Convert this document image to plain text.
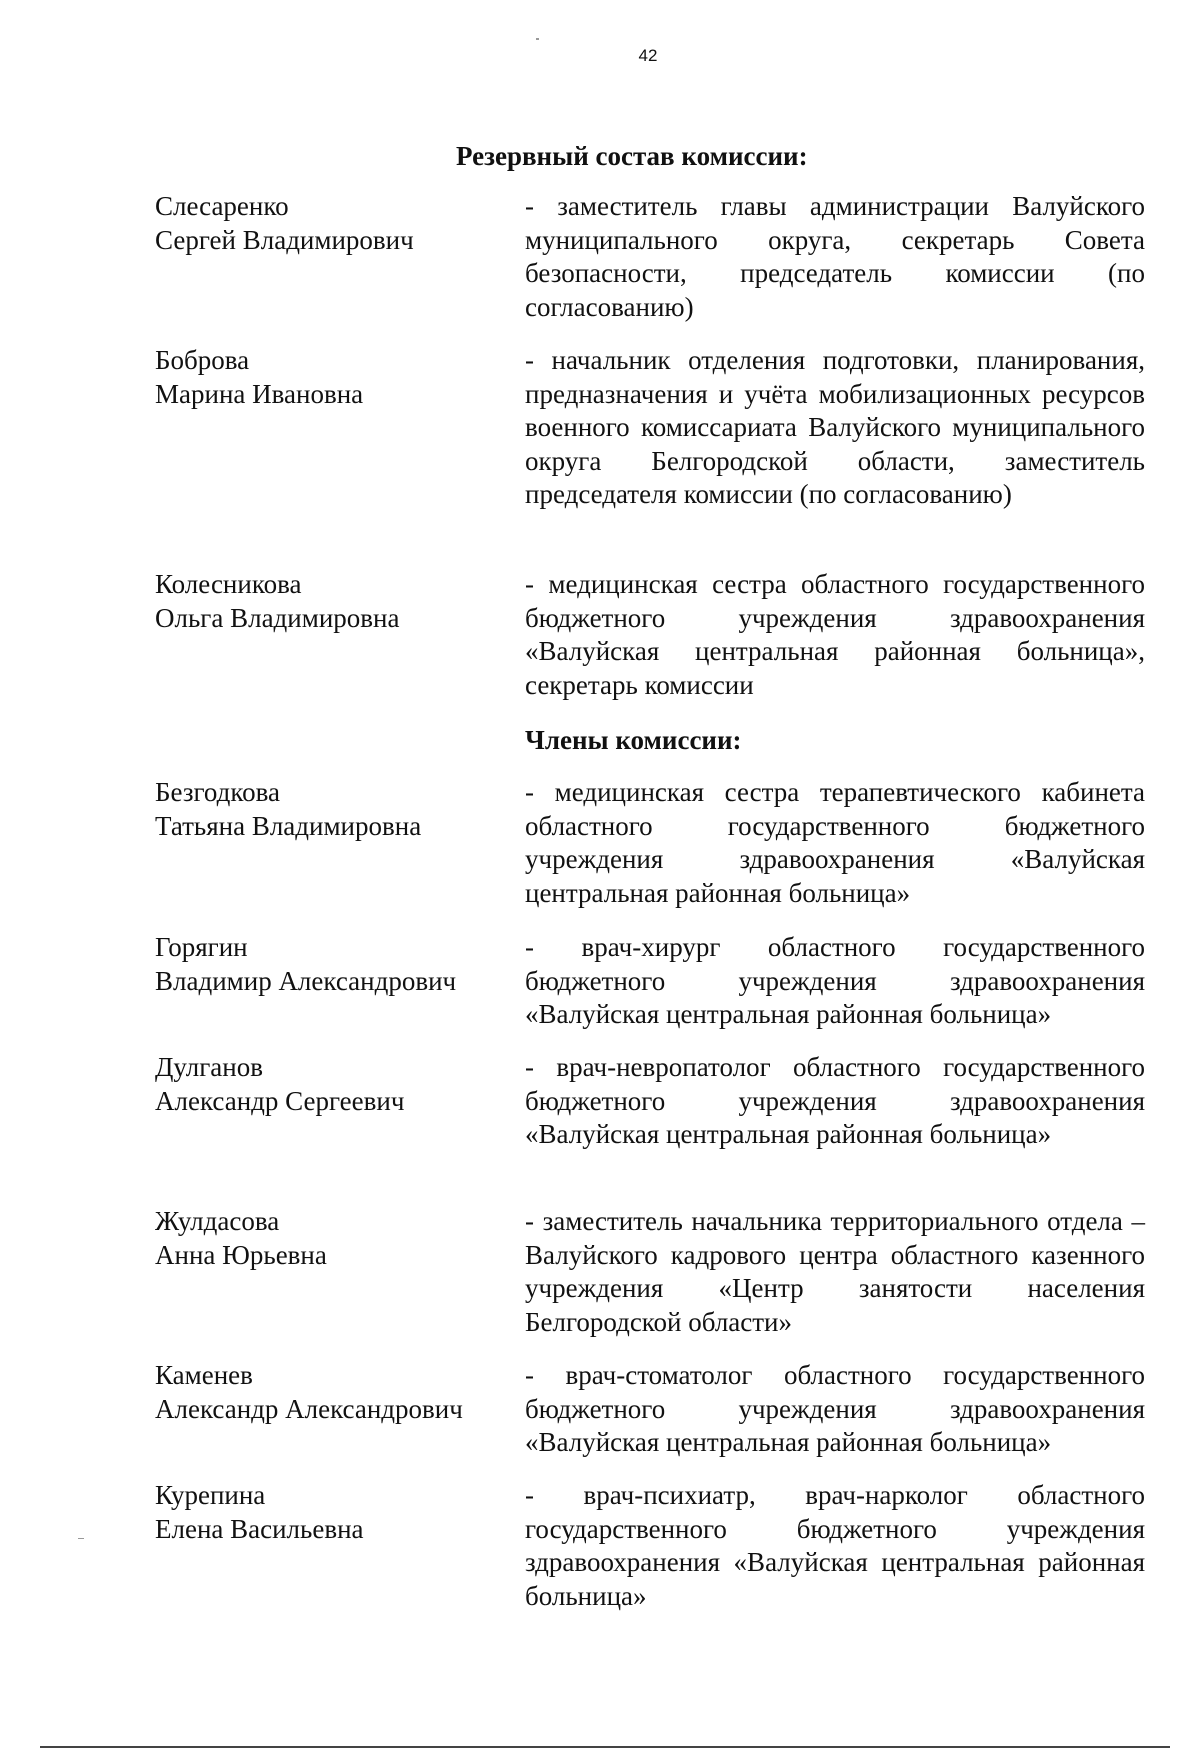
42
Резервный состав комиссии:
Слесаренко
Сергей Владимирович
- заместитель главы администрации Валуйского муниципального округа, секретарь Совета безопасности, председатель комиссии (по согласованию)
Боброва
Марина Ивановна
- начальник отделения подготовки, планирования, предназначения и учёта мобилизационных ресурсов военного комиссариата Валуйского муниципального округа Белгородской области, заместитель председателя комиссии (по согласованию)
Колесникова
Ольга Владимировна
- медицинская сестра областного государственного бюджетного учреждения здравоохранения «Валуйская центральная районная больница», секретарь комиссии
Члены комиссии:
Безгодкова
Татьяна Владимировна
- медицинская сестра терапевтического кабинета областного государственного бюджетного учреждения здравоохранения «Валуйская центральная районная больница»
Горягин
Владимир Александрович
- врач-хирург областного государственного бюджетного учреждения здравоохранения «Валуйская центральная районная больница»
Дулганов
Александр Сергеевич
- врач-невропатолог областного государственного бюджетного учреждения здравоохранения «Валуйская центральная районная больница»
Жулдасова
Анна Юрьевна
- заместитель начальника территориального отдела – Валуйского кадрового центра областного казенного учреждения «Центр занятости населения Белгородской области»
Каменев
Александр Александрович
- врач-стоматолог областного государственного бюджетного учреждения здравоохранения «Валуйская центральная районная больница»
Курепина
Елена Васильевна
- врач-психиатр, врач-нарколог областного государственного бюджетного учреждения здравоохранения «Валуйская центральная районная больница»
